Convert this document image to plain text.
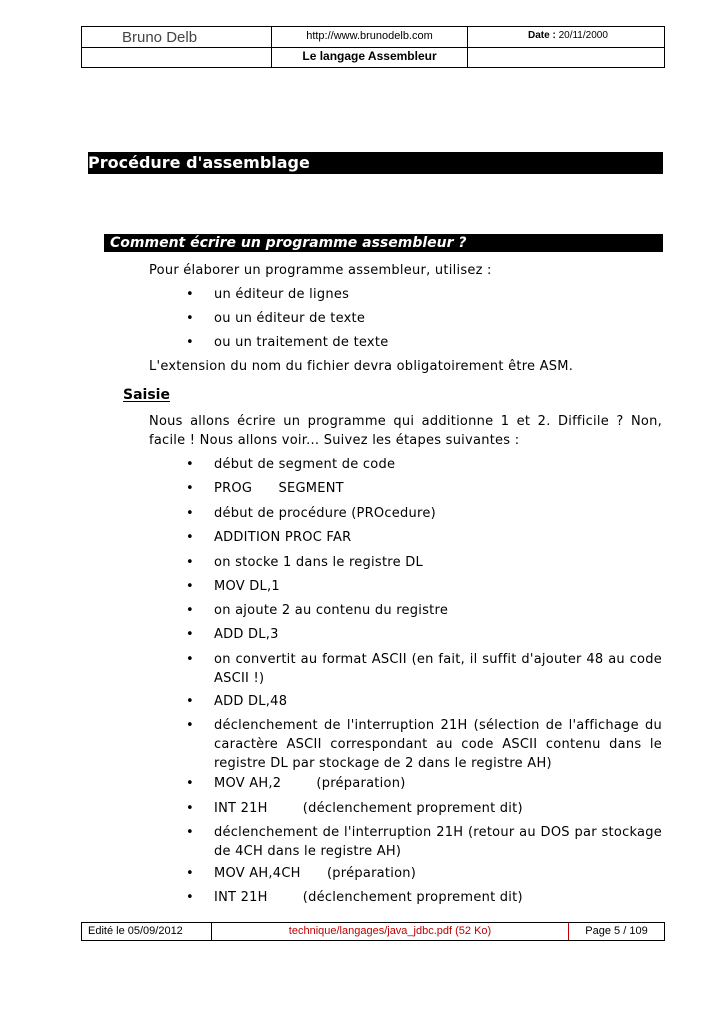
Bruno Delb	http://www.brunodelb.com	Date : 20/11/2000
Le langage Assembleur
Procédure d'assemblage
Comment écrire un programme assembleur ?
Pour élaborer un programme assembleur, utilisez :
• un éditeur de lignes
• ou un éditeur de texte
• ou un traitement de texte
L'extension du nom du fichier devra obligatoirement être ASM.
Saisie
Nous allons écrire un programme qui additionne 1 et 2. Difficile ? Non, facile ! Nous allons voir... Suivez les étapes suivantes :
• début de segment de code
• PROG      SEGMENT
• début de procédure (PROcedure)
• ADDITION PROC FAR
• on stocke 1 dans le registre DL
• MOV DL,1
• on ajoute 2 au contenu du registre
• ADD DL,3
• on convertit au format ASCII (en fait, il suffit d'ajouter 48 au code ASCII !)
• ADD DL,48
• déclenchement de l'interruption 21H (sélection de l'affichage du caractère ASCII correspondant au code ASCII contenu dans le registre DL par stockage de 2 dans le registre AH)
• MOV AH,2        (préparation)
• INT 21H        (déclenchement proprement dit)
• déclenchement de l'interruption 21H (retour au DOS par stockage de 4CH dans le registre AH)
• MOV AH,4CH      (préparation)
• INT 21H        (déclenchement proprement dit)
Edité le 05/09/2012	technique/langages/java_jdbc.pdf (52 Ko)	Page 5 / 109
